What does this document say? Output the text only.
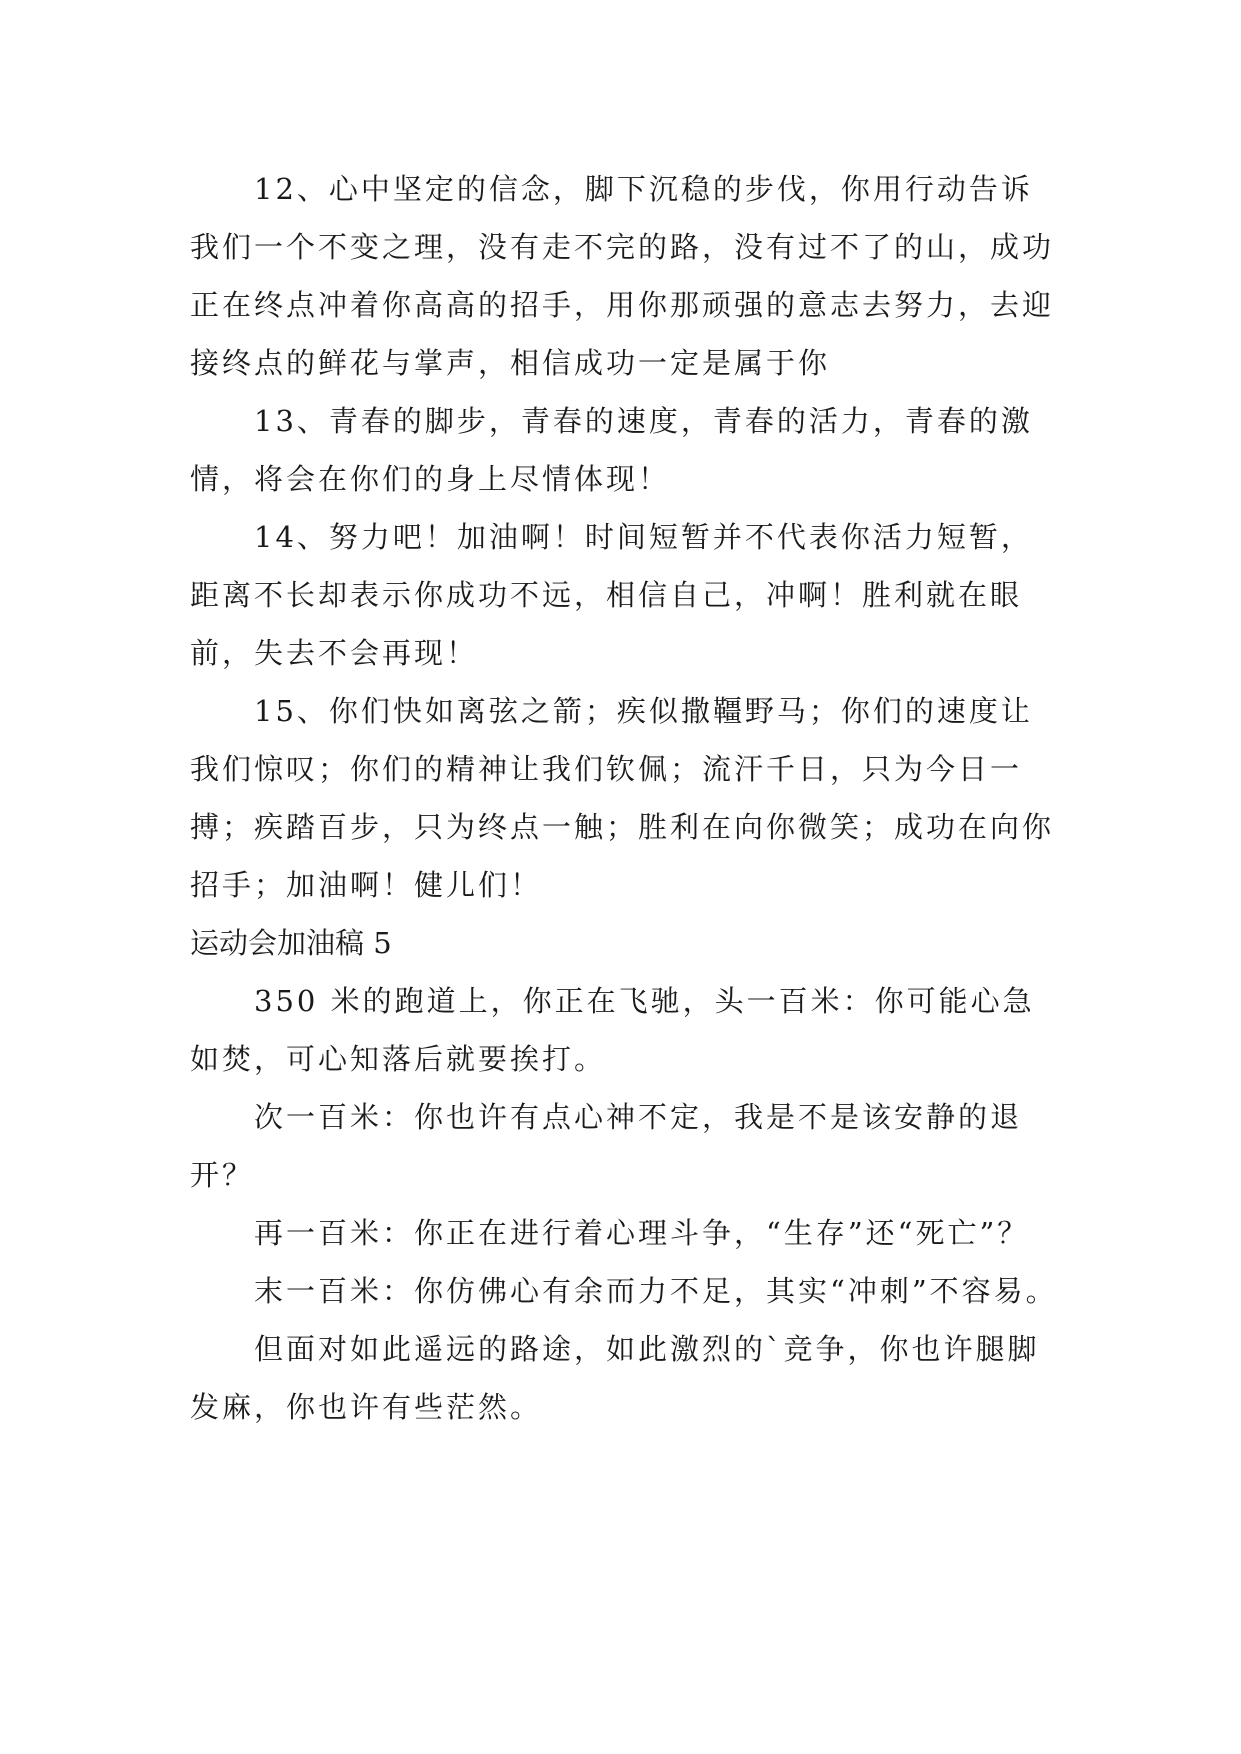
12、心中坚定的信念，脚下沉稳的步伐，你用行动告诉我们一个不变之理，没有走不完的路，没有过不了的山，成功正在终点冲着你高高的招手，用你那顽强的意志去努力，去迎接终点的鲜花与掌声，相信成功一定是属于你

13、青春的脚步，青春的速度，青春的活力，青春的激情，将会在你们的身上尽情体现！

14、努力吧！加油啊！时间短暂并不代表你活力短暂，距离不长却表示你成功不远，相信自己，冲啊！胜利就在眼前，失去不会再现！

15、你们快如离弦之箭；疾似撒韁野马；你们的速度让我们惊叹；你们的精神让我们钦佩；流汗千日，只为今日一搏；疾踏百步，只为终点一触；胜利在向你微笑；成功在向你招手；加油啊！健儿们！

运动会加油稿 5

350 米的跑道上，你正在飞驰，头一百米：你可能心急如焚，可心知落后就要挨打。

次一百米：你也许有点心神不定，我是不是该安静的退开？

再一百米：你正在进行着心理斗争，“生存”还“死亡”？

末一百米：你仿佛心有余而力不足，其实“冲刺”不容易。

但面对如此遥远的路途，如此激烈的`竞争，你也许腿脚发麻，你也许有些茫然。
